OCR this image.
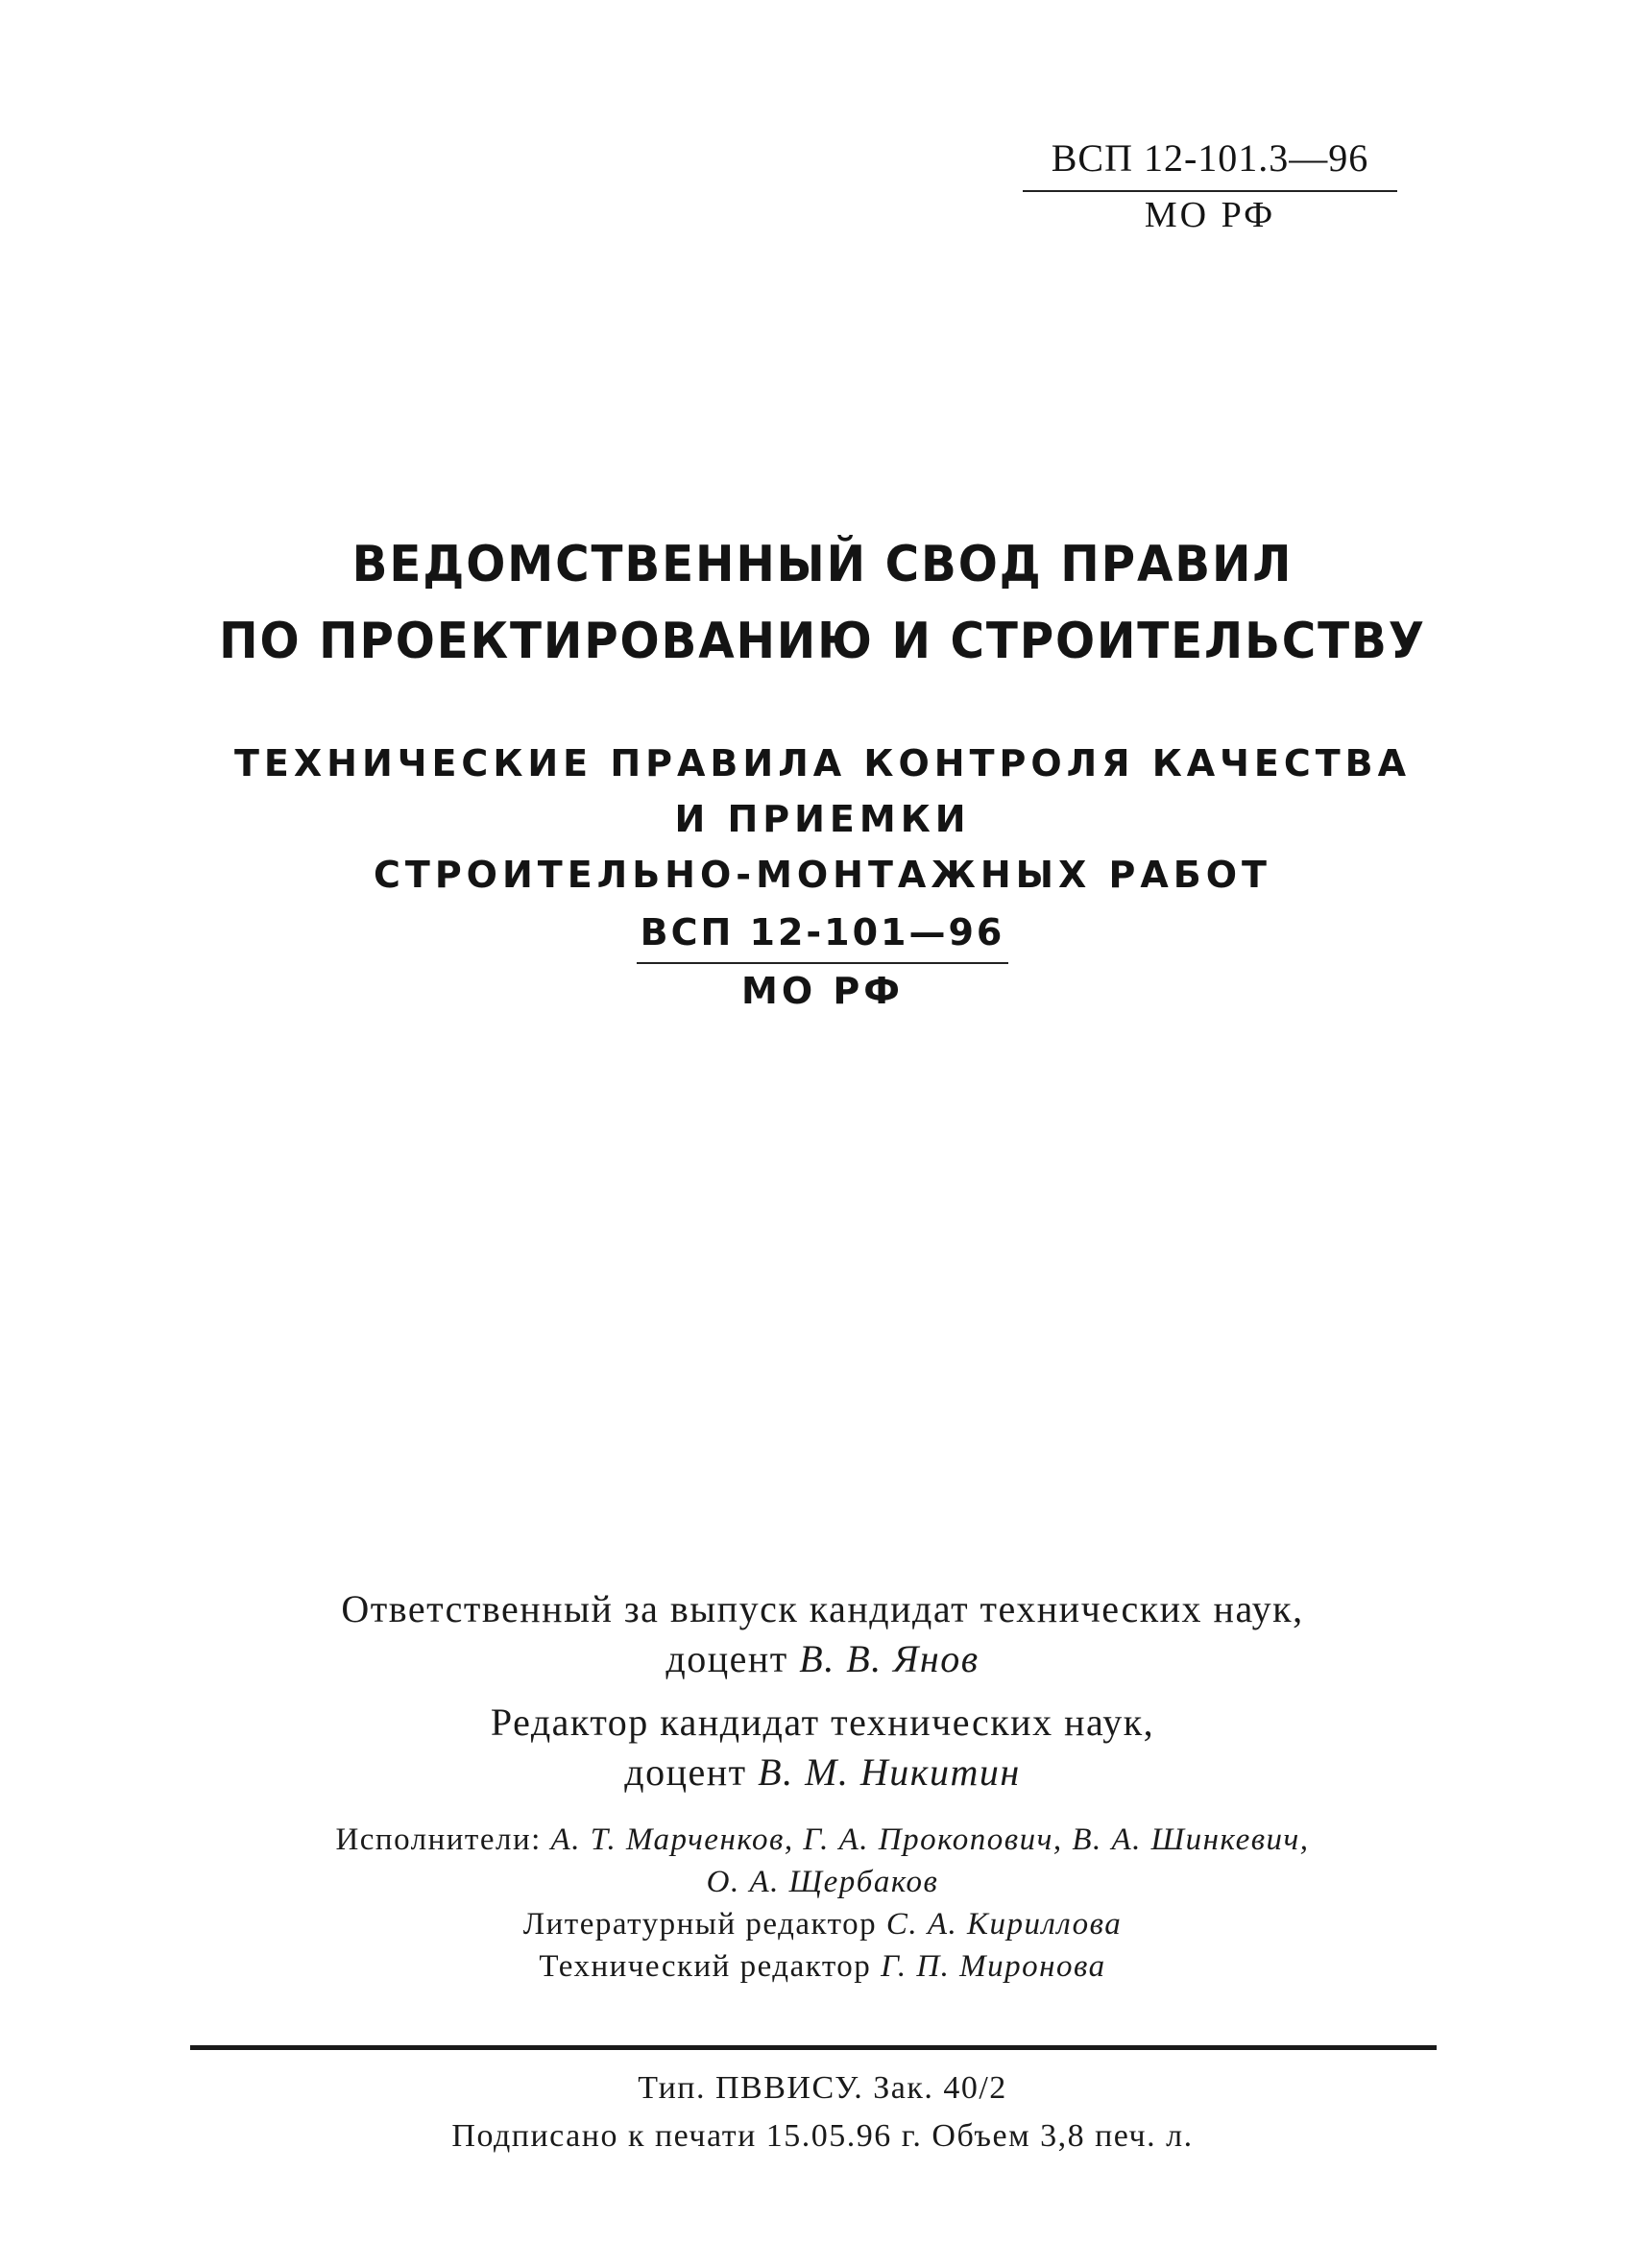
ВСП 12-101.3—96
МО РФ
ВЕДОМСТВЕННЫЙ СВОД ПРАВИЛ
ПО ПРОЕКТИРОВАНИЮ И СТРОИТЕЛЬСТВУ
ТЕХНИЧЕСКИЕ ПРАВИЛА КОНТРОЛЯ КАЧЕСТВА
И ПРИЕМКИ
СТРОИТЕЛЬНО-МОНТАЖНЫХ РАБОТ
ВСП 12-101—96
МО РФ
Ответственный за выпуск кандидат технических наук,
доцент В. В. Янов
Редактор кандидат технических наук,
доцент В. М. Никитин
Исполнители: А. Т. Марченков, Г. А. Прокопович, В. А. Шинкевич,
О. А. Щербаков
Литературный редактор С. А. Кириллова
Технический редактор Г. П. Миронова
Тип. ПВВИСУ. Зак. 40/2
Подписано к печати 15.05.96 г. Объем 3,8 печ. л.
